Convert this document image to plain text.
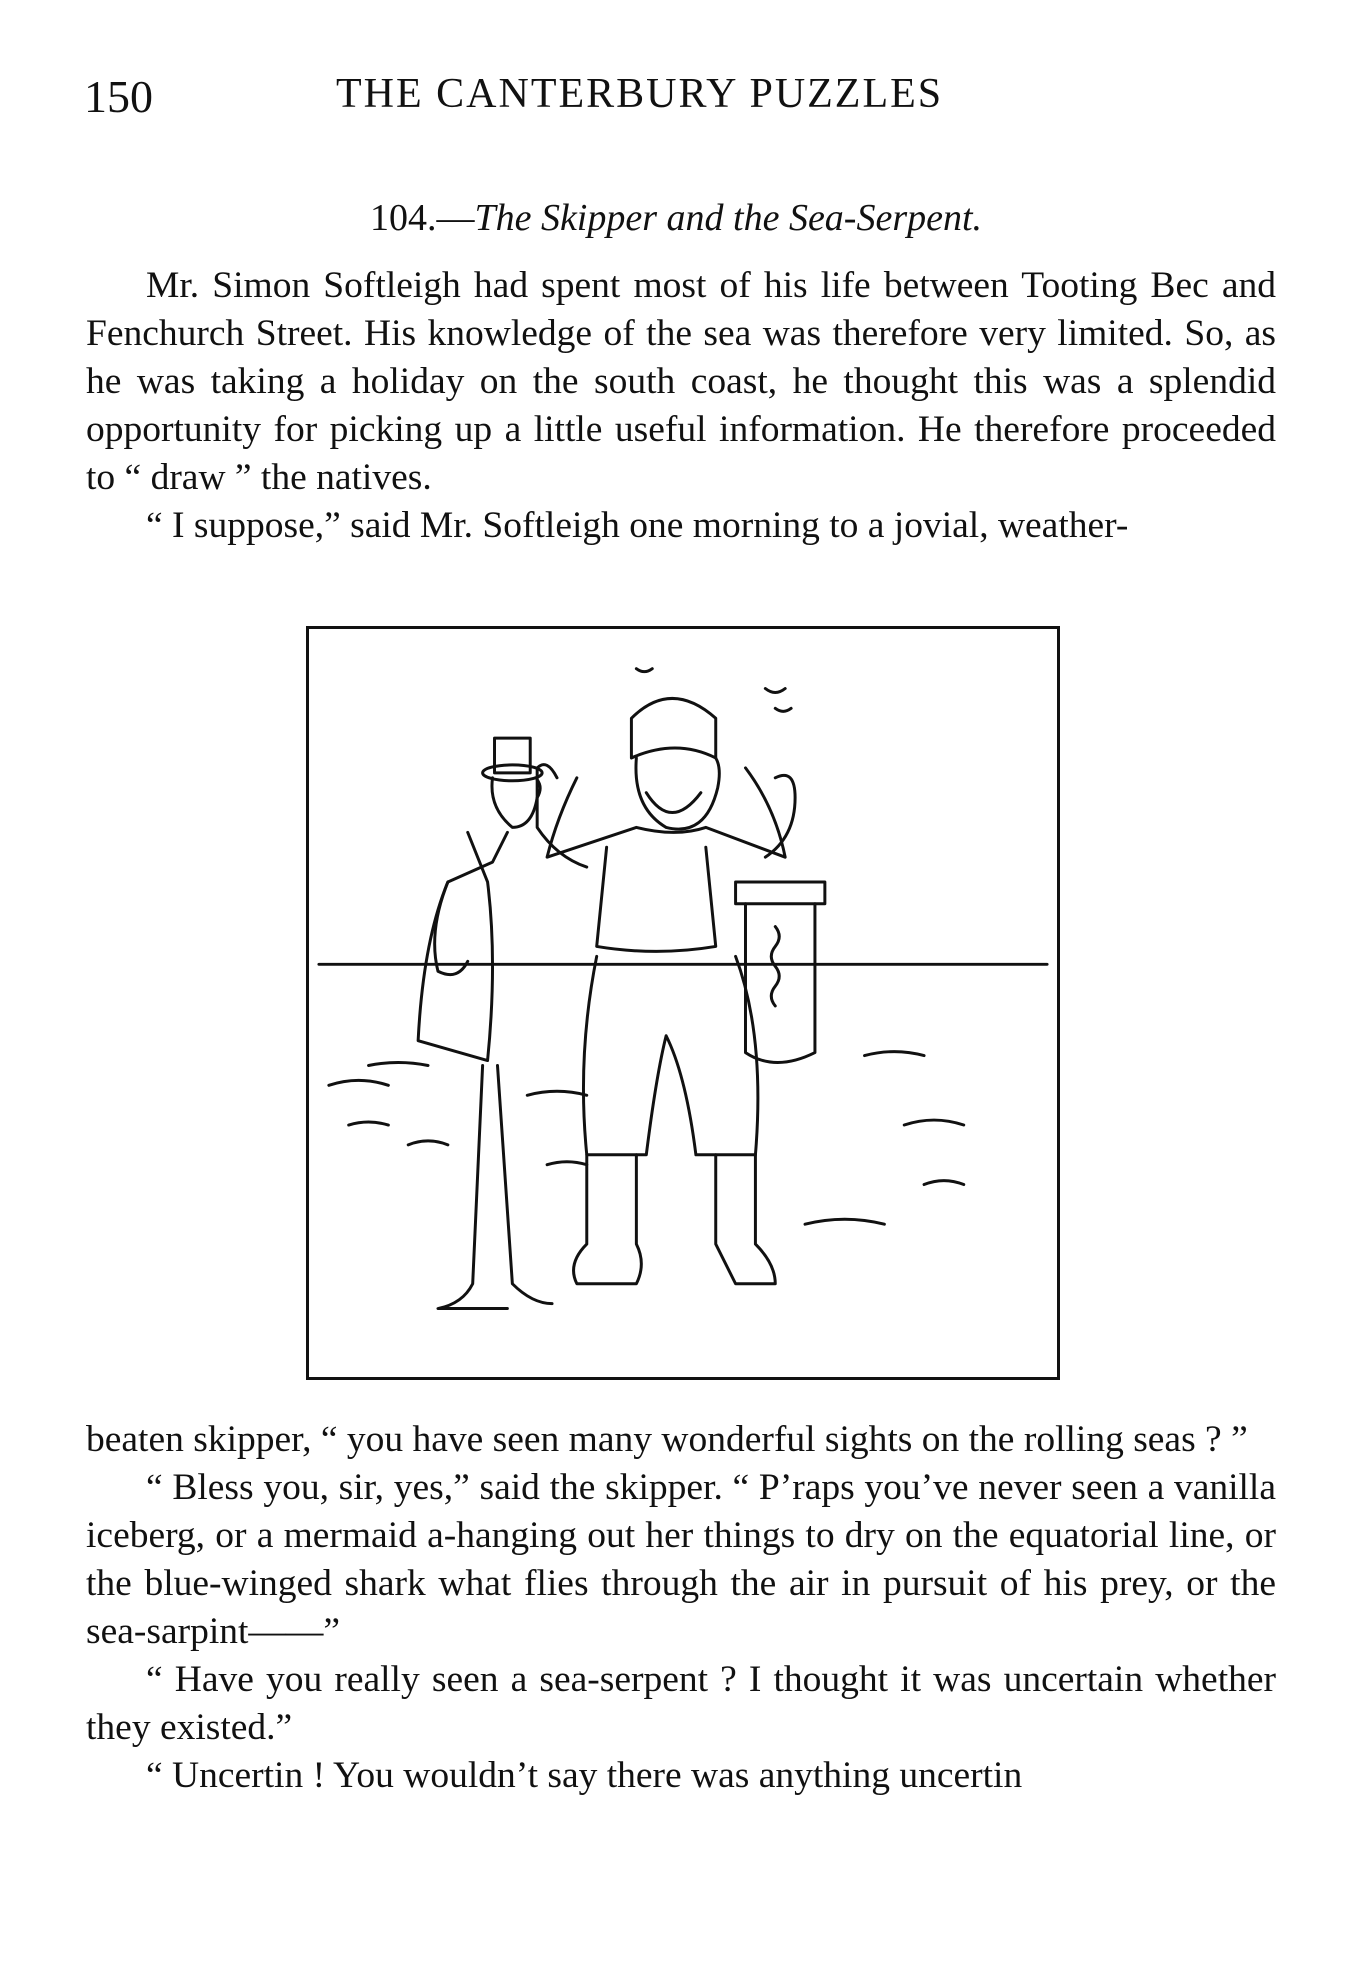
150	THE CANTERBURY PUZZLES
104.—The Skipper and the Sea-Serpent.

Mr. Simon Softleigh had spent most of his life between Tooting Bec and Fenchurch Street. His knowledge of the sea was therefore very limited. So, as he was taking a holiday on the south coast, he thought this was a splendid opportunity for picking up a little useful information. He therefore proceeded to “ draw ” the natives.

“ I suppose,” said Mr. Softleigh one morning to a jovial, weather-

beaten skipper, “ you have seen many wonderful sights on the rolling seas ? ”

“ Bless you, sir, yes,” said the skipper. “ P’raps you’ve never seen a vanilla iceberg, or a mermaid a-hanging out her things to dry on the equatorial line, or the blue-winged shark what flies through the air in pursuit of his prey, or the sea-sarpint——”

“ Have you really seen a sea-serpent ? I thought it was uncertain whether they existed.”

“ Uncertin ! You wouldn’t say there was anything uncertin
